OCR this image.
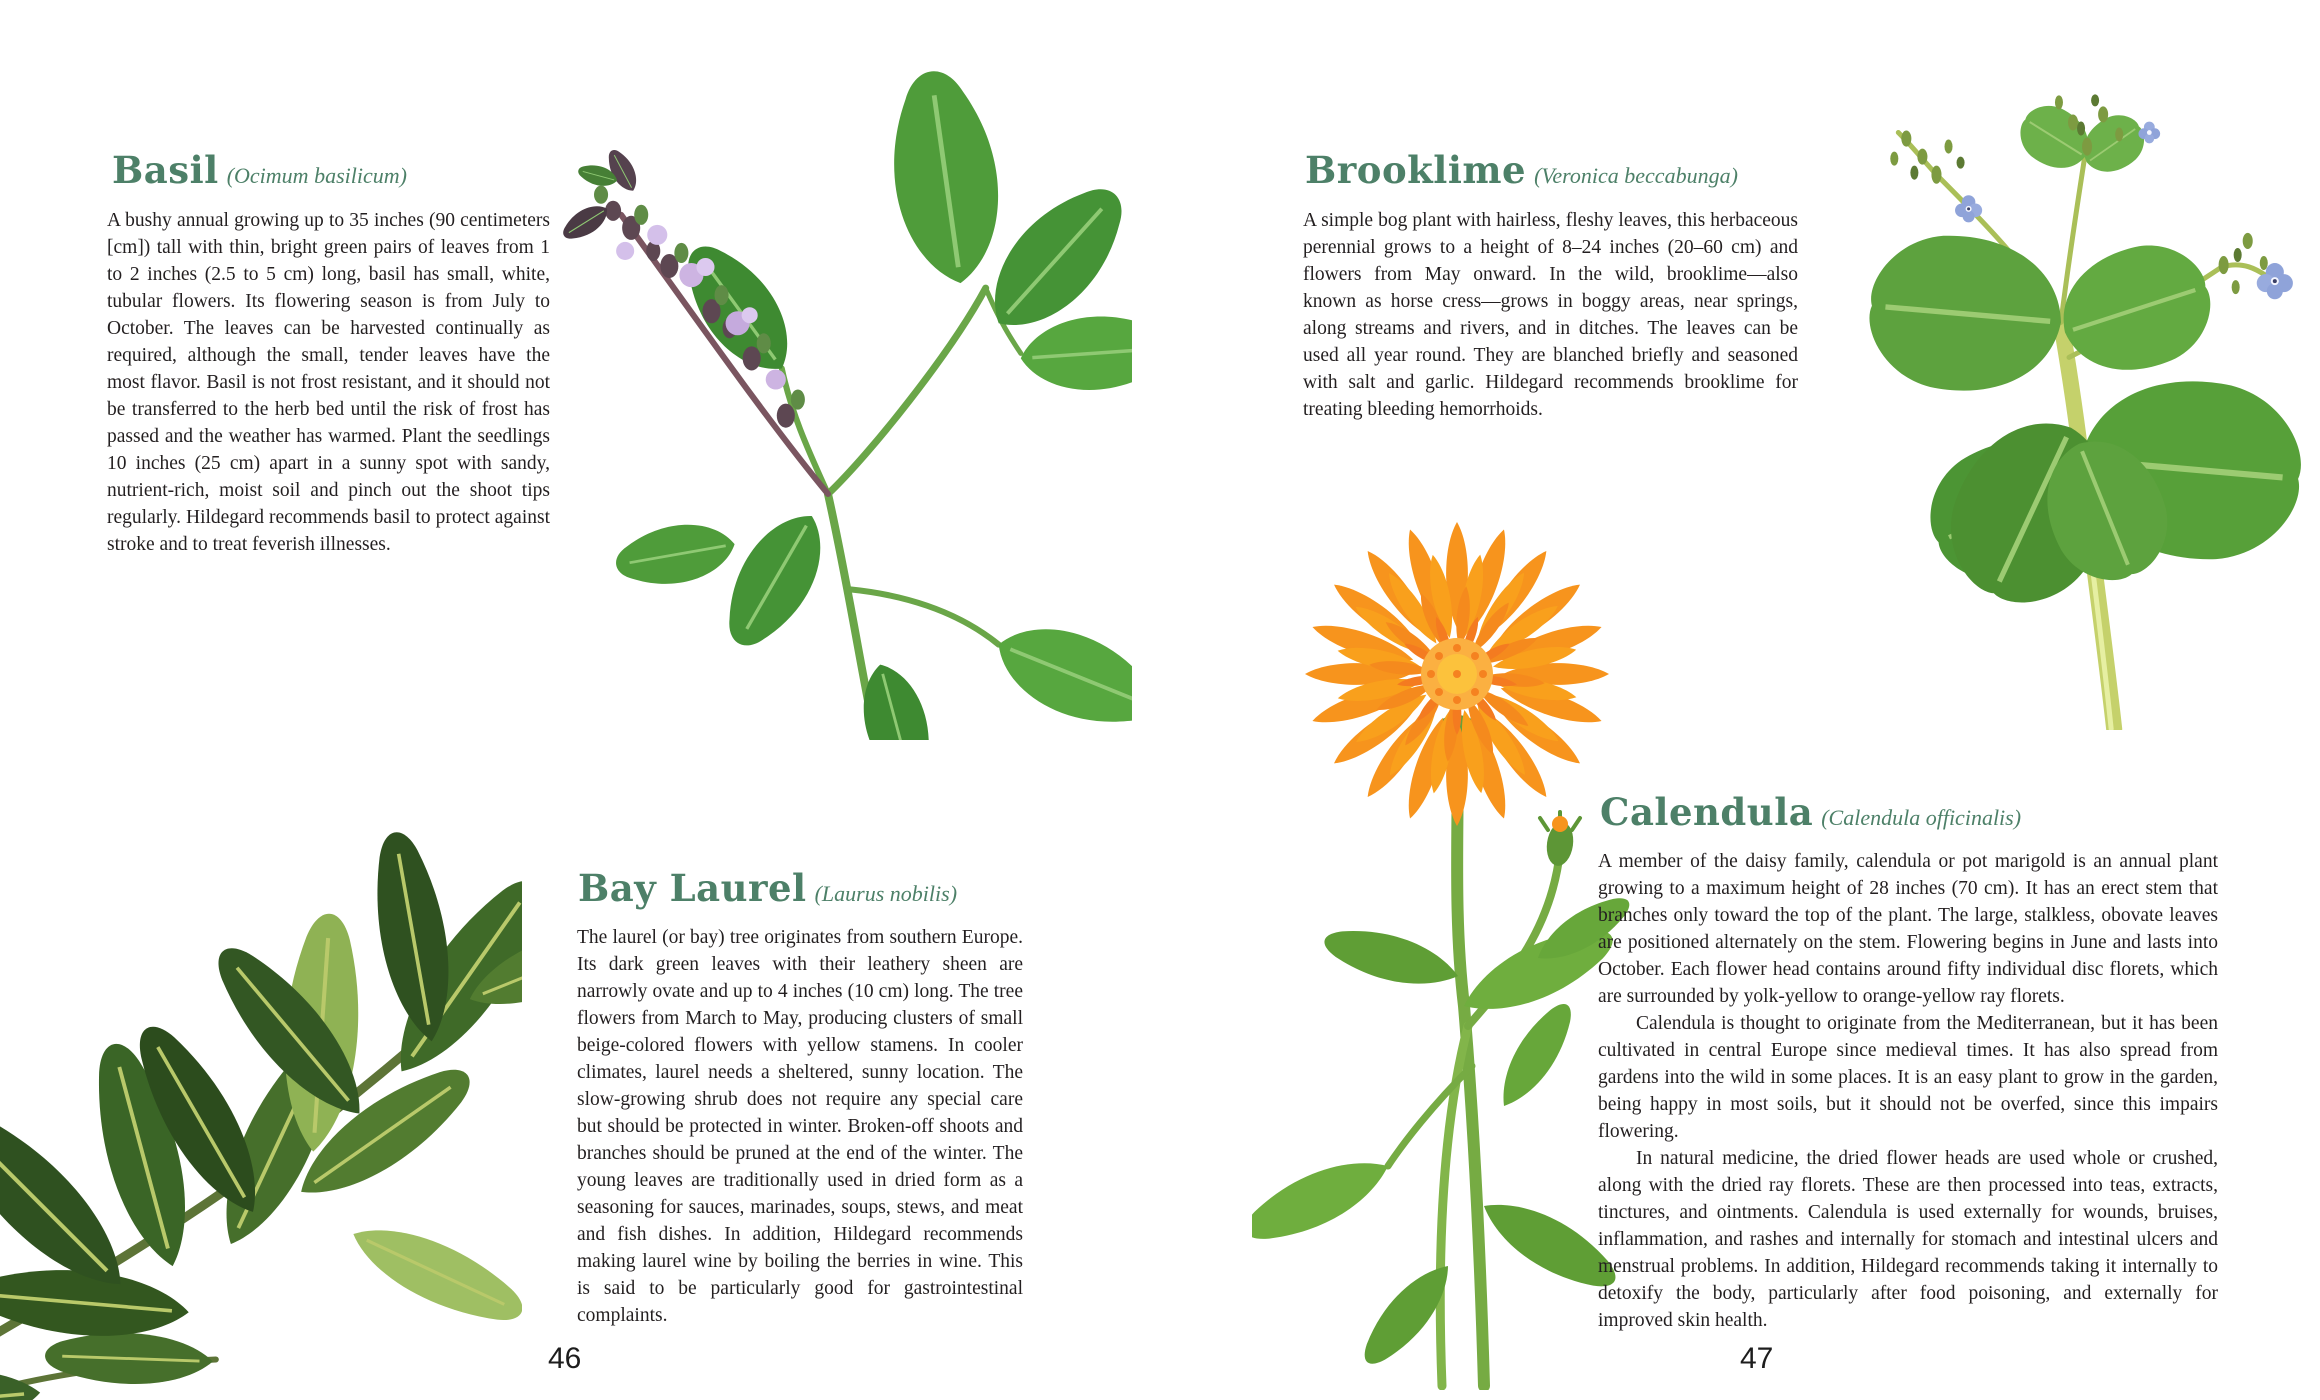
Basil (Ocimum basilicum)

A bushy annual growing up to 35 inches (90 centimeters [cm]) tall with thin, bright green pairs of leaves from 1 to 2 inches (2.5 to 5 cm) long, basil has small, white, tubular flowers. Its flowering season is from July to October. The leaves can be harvested continually as required, although the small, tender leaves have the most flavor. Basil is not frost resistant, and it should not be transferred to the herb bed until the risk of frost has passed and the weather has warmed. Plant the seedlings 10 inches (25 cm) apart in a sunny spot with sandy, nutrient-rich, moist soil and pinch out the shoot tips regularly. Hildegard recommends basil to protect against stroke and to treat feverish illnesses.

Bay Laurel (Laurus nobilis)

The laurel (or bay) tree originates from southern Europe. Its dark green leaves with their leathery sheen are narrowly ovate and up to 4 inches (10 cm) long. The tree flowers from March to May, producing clusters of small beige-colored flowers with yellow stamens. In cooler climates, laurel needs a sheltered, sunny location. The slow-growing shrub does not require any special care but should be protected in winter. Broken-off shoots and branches should be pruned at the end of the winter. The young leaves are traditionally used in dried form as a seasoning for sauces, marinades, soups, stews, and meat and fish dishes. In addition, Hildegard recommends making laurel wine by boiling the berries in wine. This is said to be particularly good for gastrointestinal complaints.

46
Brooklime (Veronica beccabunga)

A simple bog plant with hairless, fleshy leaves, this herbaceous perennial grows to a height of 8–24 inches (20–60 cm) and flowers from May onward. In the wild, brooklime—also known as horse cress—grows in boggy areas, near springs, along streams and rivers, and in ditches. The leaves can be used all year round. They are blanched briefly and seasoned with salt and garlic. Hildegard recommends brooklime for treating bleeding hemorrhoids.

Calendula (Calendula officinalis)

A member of the daisy family, calendula or pot marigold is an annual plant growing to a maximum height of 28 inches (70 cm). It has an erect stem that branches only toward the top of the plant. The large, stalkless, obovate leaves are positioned alternately on the stem. Flowering begins in June and lasts into October. Each flower head contains around fifty individual disc florets, which are surrounded by yolk-yellow to orange-yellow ray florets.

Calendula is thought to originate from the Mediterranean, but it has been cultivated in central Europe since medieval times. It has also spread from gardens into the wild in some places. It is an easy plant to grow in the garden, being happy in most soils, but it should not be overfed, since this impairs flowering.

In natural medicine, the dried flower heads are used whole or crushed, along with the dried ray florets. These are then processed into teas, extracts, tinctures, and ointments. Calendula is used externally for wounds, bruises, inflammation, and rashes and internally for stomach and intestinal ulcers and menstrual problems. In addition, Hildegard recommends taking it internally to detoxify the body, particularly after food poisoning, and externally for improved skin health.

47
